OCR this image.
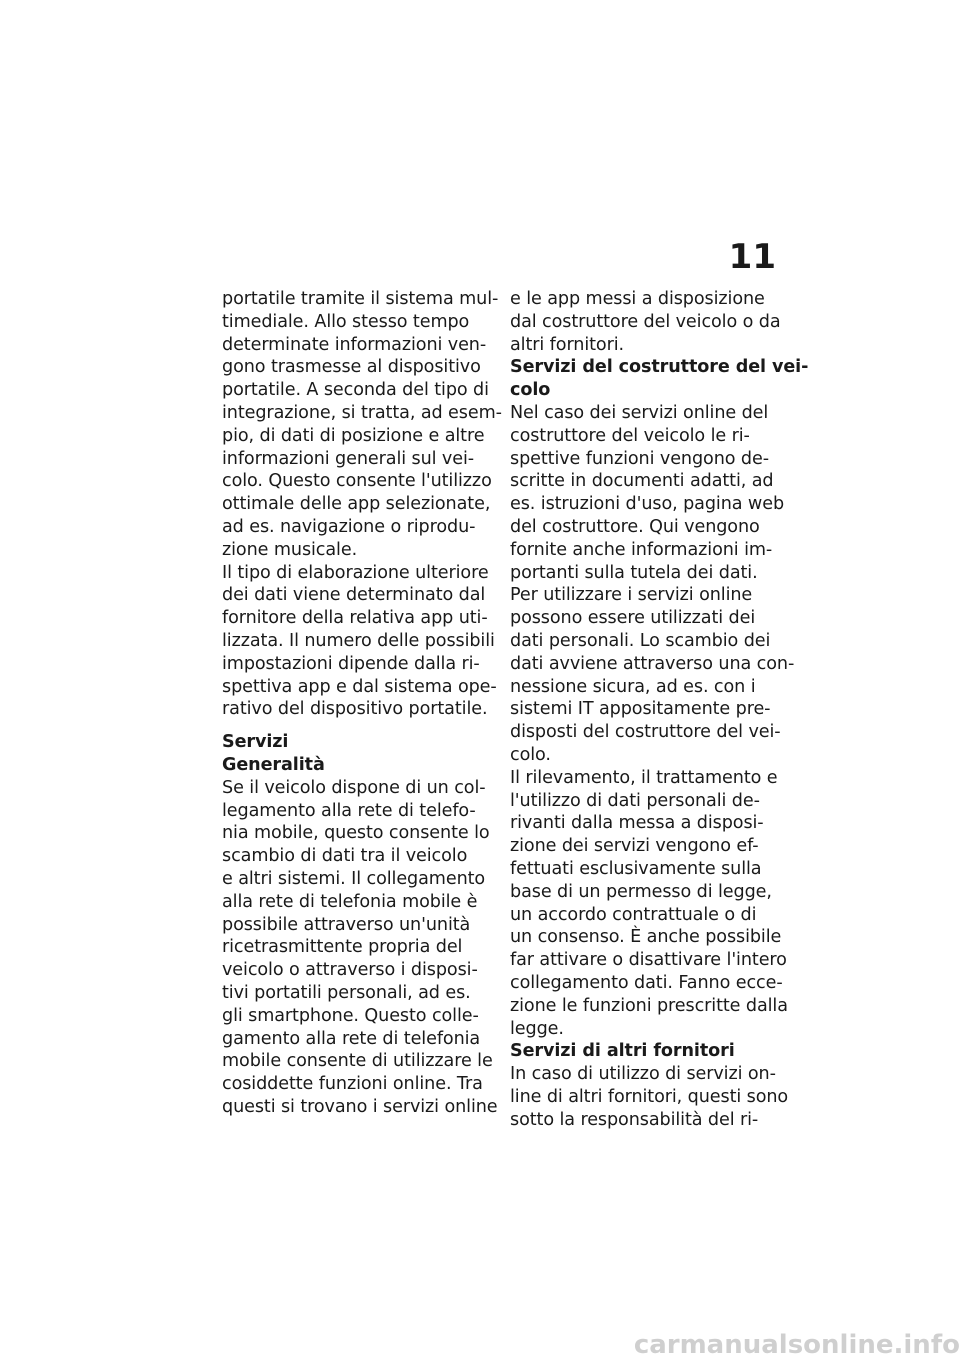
11
portatile tramite il sistema mul-
timediale. Allo stesso tempo
determinate informazioni ven-
gono trasmesse al dispositivo
portatile. A seconda del tipo di
integrazione, si tratta, ad esem-
pio, di dati di posizione e altre
informazioni generali sul vei-
colo. Questo consente l'utilizzo
ottimale delle app selezionate,
ad es. navigazione o riprodu-
zione musicale.
Il tipo di elaborazione ulteriore
dei dati viene determinato dal
fornitore della relativa app uti-
lizzata. Il numero delle possibili
impostazioni dipende dalla ri-
spettiva app e dal sistema ope-
rativo del dispositivo portatile.
Servizi
Generalità
Se il veicolo dispone di un col-
legamento alla rete di telefo-
nia mobile, questo consente lo
scambio di dati tra il veicolo
e altri sistemi. Il collegamento
alla rete di telefonia mobile è
possibile attraverso un'unità
ricetrasmittente propria del
veicolo o attraverso i disposi-
tivi portatili personali, ad es.
gli smartphone. Questo colle-
gamento alla rete di telefonia
mobile consente di utilizzare le
cosiddette funzioni online. Tra
questi si trovano i servizi online
e le app messi a disposizione
dal costruttore del veicolo o da
altri fornitori.
Servizi del costruttore del vei-
colo
Nel caso dei servizi online del
costruttore del veicolo le ri-
spettive funzioni vengono de-
scritte in documenti adatti, ad
es. istruzioni d'uso, pagina web
del costruttore. Qui vengono
fornite anche informazioni im-
portanti sulla tutela dei dati.
Per utilizzare i servizi online
possono essere utilizzati dei
dati personali. Lo scambio dei
dati avviene attraverso una con-
nessione sicura, ad es. con i
sistemi IT appositamente pre-
disposti del costruttore del vei-
colo.
Il rilevamento, il trattamento e
l'utilizzo di dati personali de-
rivanti dalla messa a disposi-
zione dei servizi vengono ef-
fettuati esclusivamente sulla
base di un permesso di legge,
un accordo contrattuale o di
un consenso. È anche possibile
far attivare o disattivare l'intero
collegamento dati. Fanno ecce-
zione le funzioni prescritte dalla
legge.
Servizi di altri fornitori
In caso di utilizzo di servizi on-
line di altri fornitori, questi sono
sotto la responsabilità del ri-
carmanualsonline.info
